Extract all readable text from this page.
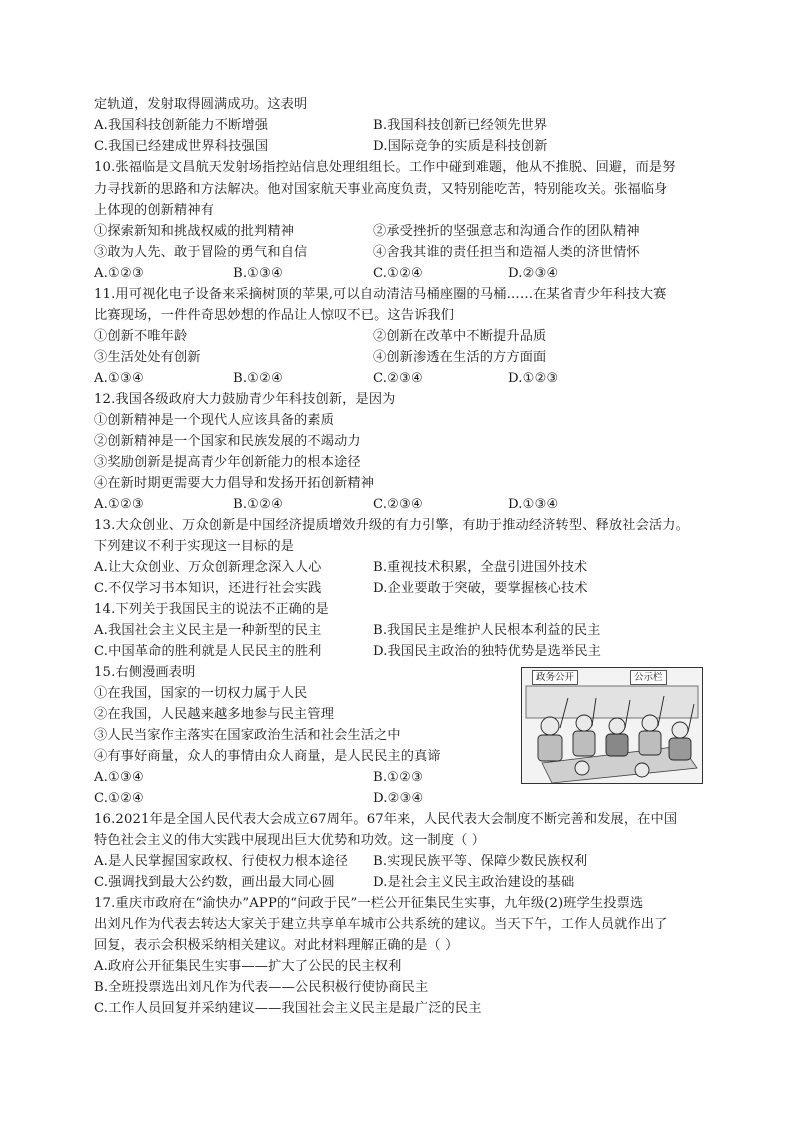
定轨道，发射取得圆满成功。这表明
A.我国科技创新能力不断增强	B.我国科技创新已经领先世界
C.我国已经建成世界科技强国	D.国际竞争的实质是科技创新
10.张福临是文昌航天发射场指控站信息处理组组长。工作中碰到难题，他从不推脱、回避，而是努
力寻找新的思路和方法解决。他对国家航天事业高度负责，又特别能吃苦，特别能攻关。张福临身
上体现的创新精神有
①探索新知和挑战权威的批判精神	②承受挫折的坚强意志和沟通合作的团队精神
③敢为人先、敢于冒险的勇气和自信	④舍我其谁的责任担当和造福人类的济世情怀
A.①②③	B.①③④	C.①②④	D.②③④
11.用可视化电子设备来采摘树顶的苹果,可以自动清洁马桶座圈的马桶……在某省青少年科技大赛
比赛现场，一件件奇思妙想的作品让人惊叹不已。这告诉我们
①创新不唯年龄	②创新在改革中不断提升品质
③生活处处有创新	④创新渗透在生活的方方面面
A.①③④	B.①②④	C.②③④	D.①②③
12.我国各级政府大力鼓励青少年科技创新，是因为
①创新精神是一个现代人应该具备的素质
②创新精神是一个国家和民族发展的不竭动力
③奖励创新是提高青少年创新能力的根本途径
④在新时期更需要大力倡导和发扬开拓创新精神
A.①②③	B.①②④	C.②③④	D.①③④
13.大众创业、万众创新是中国经济提质增效升级的有力引擎，有助于推动经济转型、释放社会活力。
下列建议不利于实现这一目标的是
A.让大众创业、万众创新理念深入人心	B.重视技术积累，全盘引进国外技术
C.不仅学习书本知识，还进行社会实践	D.企业要敢于突破，要掌握核心技术
14.下列关于我国民主的说法不正确的是
A.我国社会主义民主是一种新型的民主	B.我国民主是维护人民根本利益的民主
C.中国革命的胜利就是人民民主的胜利	D.我国民主政治的独特优势是选举民主
15.右侧漫画表明
①在我国，国家的一切权力属于人民
②在我国，人民越来越多地参与民主管理
③人民当家作主落实在国家政治生活和社会生活之中
④有事好商量，众人的事情由众人商量，是人民民主的真谛
A.①③④	B.①②③
C.①②④	D.②③④
政务公开	公示栏
16.2021年是全国人民代表大会成立67周年。67年来，人民代表大会制度不断完善和发展，在中国
特色社会主义的伟大实践中展现出巨大优势和功效。这一制度（ ）
A.是人民掌握国家政权、行使权力根本途径 B.实现民族平等、保障少数民族权利
C.强调找到最大公约数，画出最大同心圆	D.是社会主义民主政治建设的基础
17.重庆市政府在“渝快办”APP的“问政于民”一栏公开征集民生实事，九年级(2)班学生投票选
出刘凡作为代表去转达大家关于建立共享单车城市公共系统的建议。当天下午，工作人员就作出了
回复，表示会积极采纳相关建议。对此材料理解正确的是（ ）
A.政府公开征集民生实事——扩大了公民的民主权利
B.全班投票选出刘凡作为代表——公民积极行使协商民主
C.工作人员回复并采纳建议——我国社会主义民主是最广泛的民主
